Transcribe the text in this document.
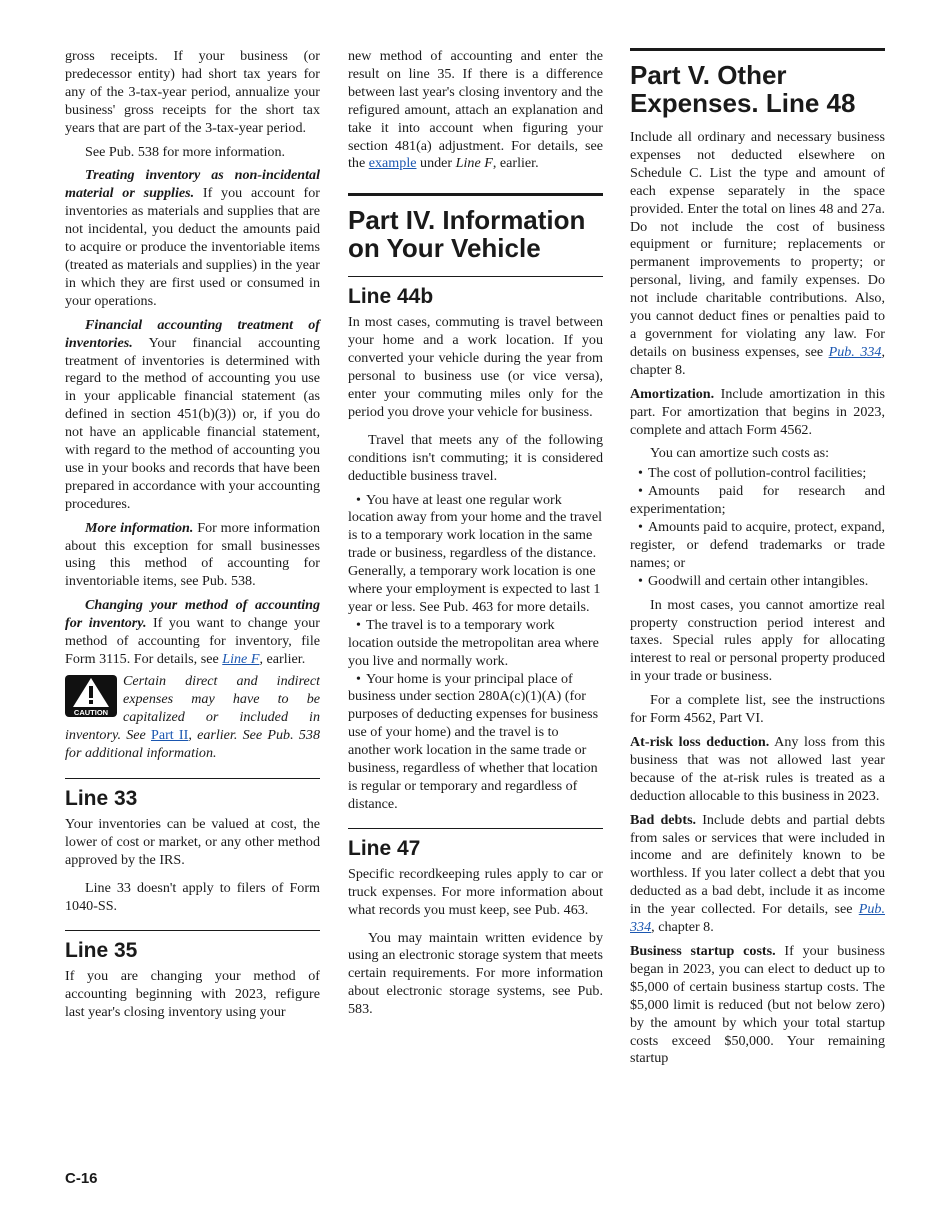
gross receipts. If your business (or predecessor entity) had short tax years for any of the 3-tax-year period, annualize your business' gross receipts for the short tax years that are part of the 3-tax-year period.

See Pub. 538 for more information.

Treating inventory as non-incidental material or supplies. If you account for inventories as materials and supplies that are not incidental, you deduct the amounts paid to acquire or produce the inventoriable items (treated as materials and supplies) in the year in which they are first used or consumed in your operations.

Financial accounting treatment of inventories. Your financial accounting treatment of inventories is determined with regard to the method of accounting you use in your applicable financial statement (as defined in section 451(b)(3)) or, if you do not have an applicable financial statement, with regard to the method of accounting you use in your books and records that have been prepared in accordance with your accounting procedures.

More information. For more information about this exception for small businesses using this method of accounting for inventoriable items, see Pub. 538.

Changing your method of accounting for inventory. If you want to change your method of accounting for inventory, file Form 3115. For details, see Line F, earlier.

CAUTION

Certain direct and indirect expenses may have to be capitalized or included in inventory. See Part II, earlier. See Pub. 538 for additional information.

Line 33

Your inventories can be valued at cost, the lower of cost or market, or any other method approved by the IRS.

Line 33 doesn't apply to filers of Form 1040-SS.

Line 35

If you are changing your method of accounting beginning with 2023, refigure last year's closing inventory using your

new method of accounting and enter the result on line 35. If there is a difference between last year's closing inventory and the refigured amount, attach an explanation and take it into account when figuring your section 481(a) adjustment. For details, see the example under Line F, earlier.

Part IV. Information on Your Vehicle
Line 44b

In most cases, commuting is travel between your home and a work location. If you converted your vehicle during the year from personal to business use (or vice versa), enter your commuting miles only for the period you drove your vehicle for business.

Travel that meets any of the following conditions isn't commuting; it is considered deductible business travel.

• You have at least one regular work location away from your home and the travel is to a temporary work location in the same trade or business, regardless of the distance. Generally, a temporary work location is one where your employment is expected to last 1 year or less. See Pub. 463 for more details.

• The travel is to a temporary work location outside the metropolitan area where you live and normally work.

• Your home is your principal place of business under section 280A(c)(1)(A) (for purposes of deducting expenses for business use of your home) and the travel is to another work location in the same trade or business, regardless of whether that location is regular or temporary and regardless of distance.

Line 47

Specific recordkeeping rules apply to car or truck expenses. For more information about what records you must keep, see Pub. 463.

You may maintain written evidence by using an electronic storage system that meets certain requirements. For more information about electronic storage systems, see Pub. 583.

Part V. Other Expenses. Line 48

Include all ordinary and necessary business expenses not deducted elsewhere on Schedule C. List the type and amount of each expense separately in the space provided. Enter the total on lines 48 and 27a. Do not include the cost of business equipment or furniture; replacements or permanent improvements to property; or personal, living, and family expenses. Do not include charitable contributions. Also, you cannot deduct fines or penalties paid to a government for violating any law. For details on business expenses, see Pub. 334, chapter 8.

Amortization. Include amortization in this part. For amortization that begins in 2023, complete and attach Form 4562.

You can amortize such costs as:

• The cost of pollution-control facilities;

• Amounts paid for research and experimentation;

• Amounts paid to acquire, protect, expand, register, or defend trademarks or trade names; or

• Goodwill and certain other intangibles.

In most cases, you cannot amortize real property construction period interest and taxes. Special rules apply for allocating interest to real or personal property produced in your trade or business.

For a complete list, see the instructions for Form 4562, Part VI.

At-risk loss deduction. Any loss from this business that was not allowed last year because of the at-risk rules is treated as a deduction allocable to this business in 2023.

Bad debts. Include debts and partial debts from sales or services that were included in income and are definitely known to be worthless. If you later collect a debt that you deducted as a bad debt, include it as income in the year collected. For details, see Pub. 334, chapter 8.

Business startup costs. If your business began in 2023, you can elect to deduct up to $5,000 of certain business startup costs. The $5,000 limit is reduced (but not below zero) by the amount by which your total startup costs exceed $50,000. Your remaining startup

C-16
